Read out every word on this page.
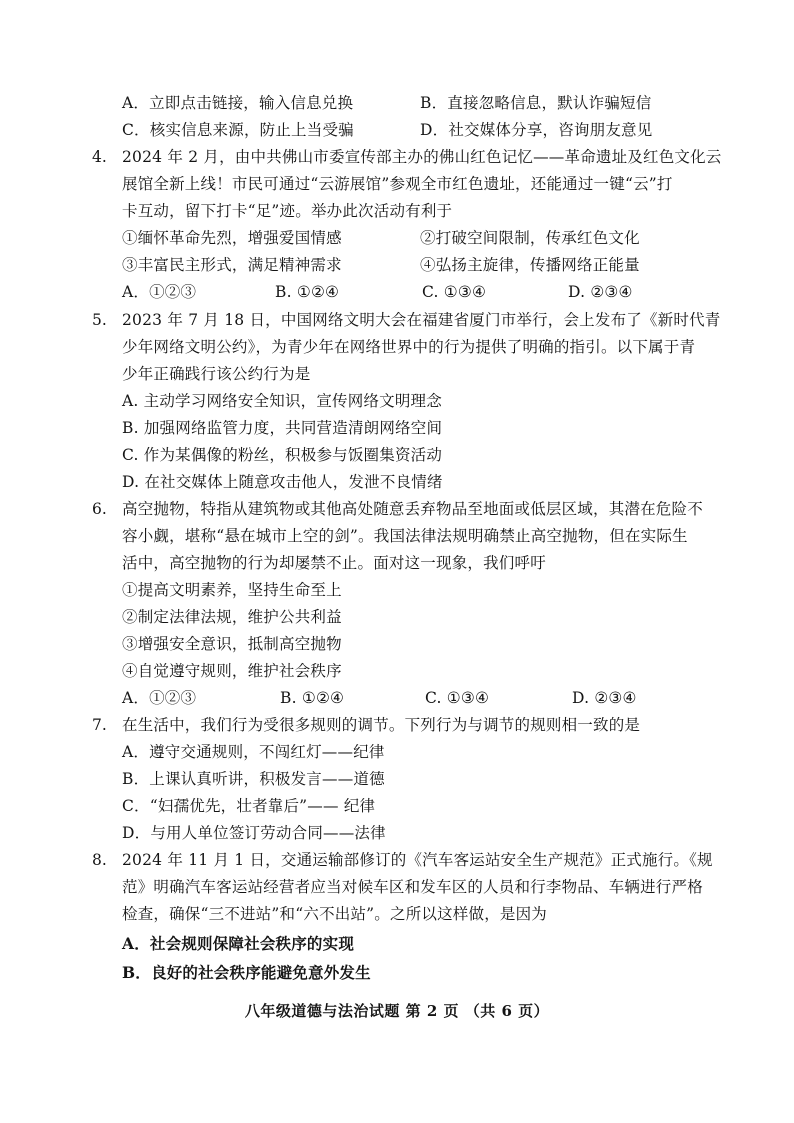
A．立即点击链接，输入信息兑换	B．直接忽略信息，默认诈骗短信
C．核实信息来源，防止上当受骗	D．社交媒体分享，咨询朋友意见
4. 2024 年 2 月，由中共佛山市委宣传部主办的佛山红色记忆——革命遗址及红色文化云
展馆全新上线！市民可通过“云游展馆”参观全市红色遗址，还能通过一键“云”打
卡互动，留下打卡“足”迹。举办此次活动有利于
①缅怀革命先烈，增强爱国情感	②打破空间限制，传承红色文化
③丰富民主形式，满足精神需求	④弘扬主旋律，传播网络正能量
A．①②③	B. ①②④	C. ①③④	D. ②③④
5. 2023 年 7 月 18 日，中国网络文明大会在福建省厦门市举行，会上发布了《新时代青
少年网络文明公约》，为青少年在网络世界中的行为提供了明确的指引。以下属于青
少年正确践行该公约行为是
A. 主动学习网络安全知识，宣传网络文明理念
B. 加强网络监管力度，共同营造清朗网络空间
C. 作为某偶像的粉丝，积极参与饭圈集资活动
D. 在社交媒体上随意攻击他人，发泄不良情绪
6. 高空抛物，特指从建筑物或其他高处随意丢弃物品至地面或低层区域，其潜在危险不
容小觑，堪称“悬在城市上空的剑”。我国法律法规明确禁止高空抛物，但在实际生
活中，高空抛物的行为却屡禁不止。面对这一现象，我们呼吁
①提高文明素养，坚持生命至上
②制定法律法规，维护公共利益
③增强安全意识，抵制高空抛物
④自觉遵守规则，维护社会秩序
A．①②③	B. ①②④	C. ①③④	D. ②③④
7. 在生活中，我们行为受很多规则的调节。下列行为与调节的规则相一致的是
A．遵守交通规则，不闯红灯——纪律
B．上课认真听讲，积极发言——道德
C．“妇孺优先，壮者靠后”—— 纪律
D．与用人单位签订劳动合同——法律
8. 2024 年 11 月 1 日，交通运输部修订的《汽车客运站安全生产规范》正式施行。《规
范》明确汽车客运站经营者应当对候车区和发车区的人员和行李物品、车辆进行严格
检查，确保“三不进站”和“六不出站”。之所以这样做，是因为
A．社会规则保障社会秩序的实现
B．良好的社会秩序能避免意外发生
八年级道德与法治试题 第 2 页 （共 6 页）
